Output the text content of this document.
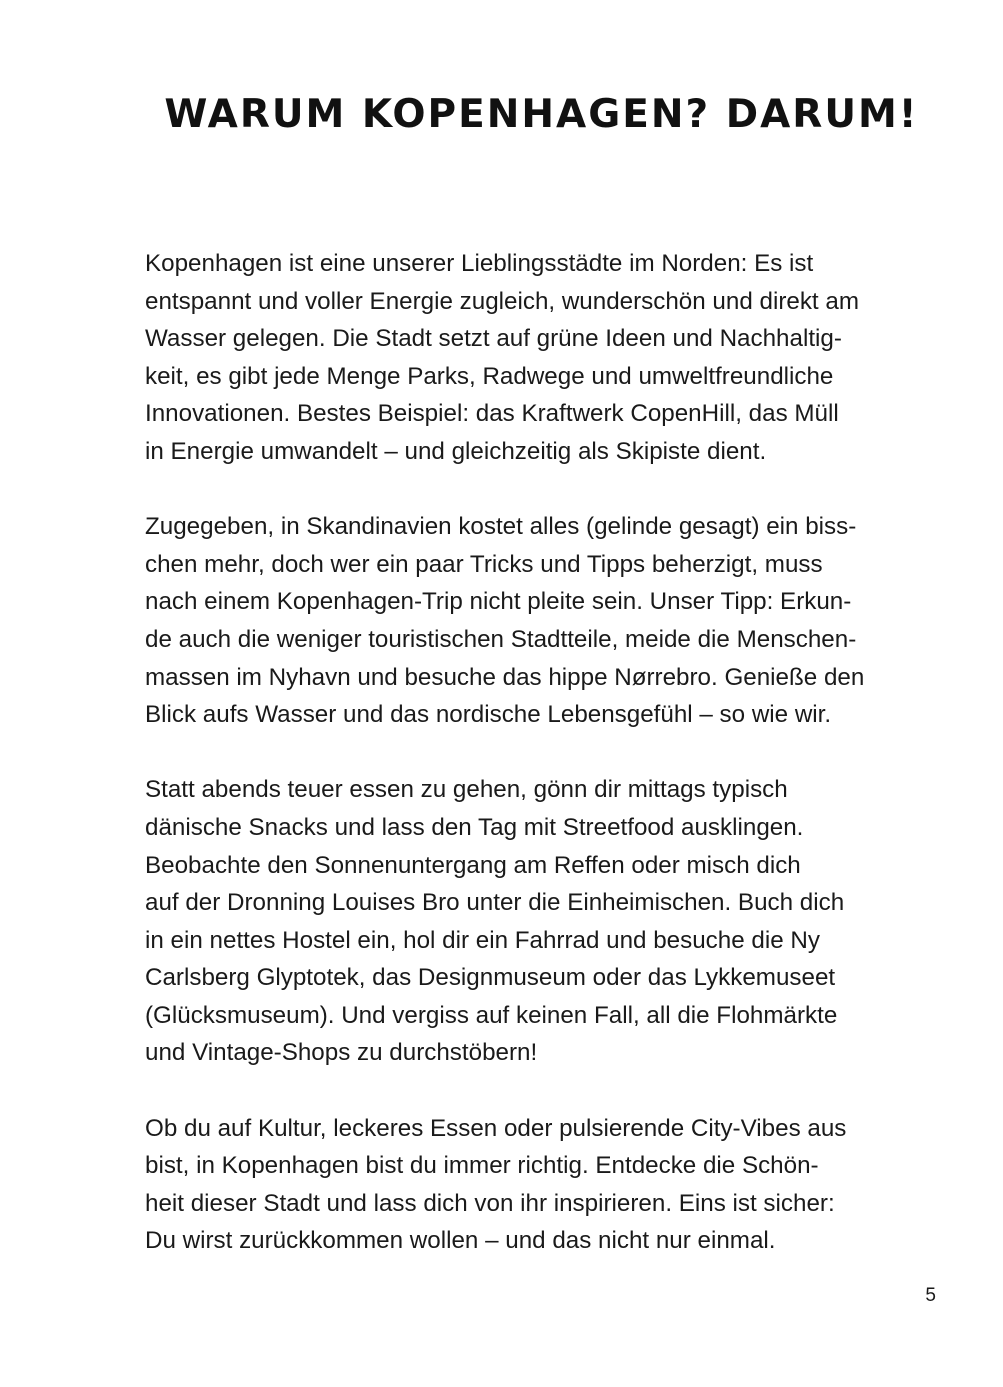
WARUM KOPENHAGEN? DARUM!

Kopenhagen ist eine unserer Lieblingsstädte im Norden: Es ist
entspannt und voller Energie zugleich, wunderschön und direkt am
Wasser gelegen. Die Stadt setzt auf grüne Ideen und Nachhaltig-
keit, es gibt jede Menge Parks, Radwege und umweltfreundliche
Innovationen. Bestes Beispiel: das Kraftwerk CopenHill, das Müll
in Energie umwandelt – und gleichzeitig als Skipiste dient.

Zugegeben, in Skandinavien kostet alles (gelinde gesagt) ein biss-
chen mehr, doch wer ein paar Tricks und Tipps beherzigt, muss
nach einem Kopenhagen-Trip nicht pleite sein. Unser Tipp: Erkun-
de auch die weniger touristischen Stadtteile, meide die Menschen-
massen im Nyhavn und besuche das hippe Nørrebro. Genieße den
Blick aufs Wasser und das nordische Lebensgefühl – so wie wir.

Statt abends teuer essen zu gehen, gönn dir mittags typisch
dänische Snacks und lass den Tag mit Streetfood ausklingen.
Beobachte den Sonnenuntergang am Reffen oder misch dich
auf der Dronning Louises Bro unter die Einheimischen. Buch dich
in ein nettes Hostel ein, hol dir ein Fahrrad und besuche die Ny
Carlsberg Glyptotek, das Designmuseum oder das Lykkemuseet
(Glücksmuseum). Und vergiss auf keinen Fall, all die Flohmärkte
und Vintage-Shops zu durchstöbern!

Ob du auf Kultur, leckeres Essen oder pulsierende City-Vibes aus
bist, in Kopenhagen bist du immer richtig. Entdecke die Schön-
heit dieser Stadt und lass dich von ihr inspirieren. Eins ist sicher:
Du wirst zurückkommen wollen – und das nicht nur einmal.

5
